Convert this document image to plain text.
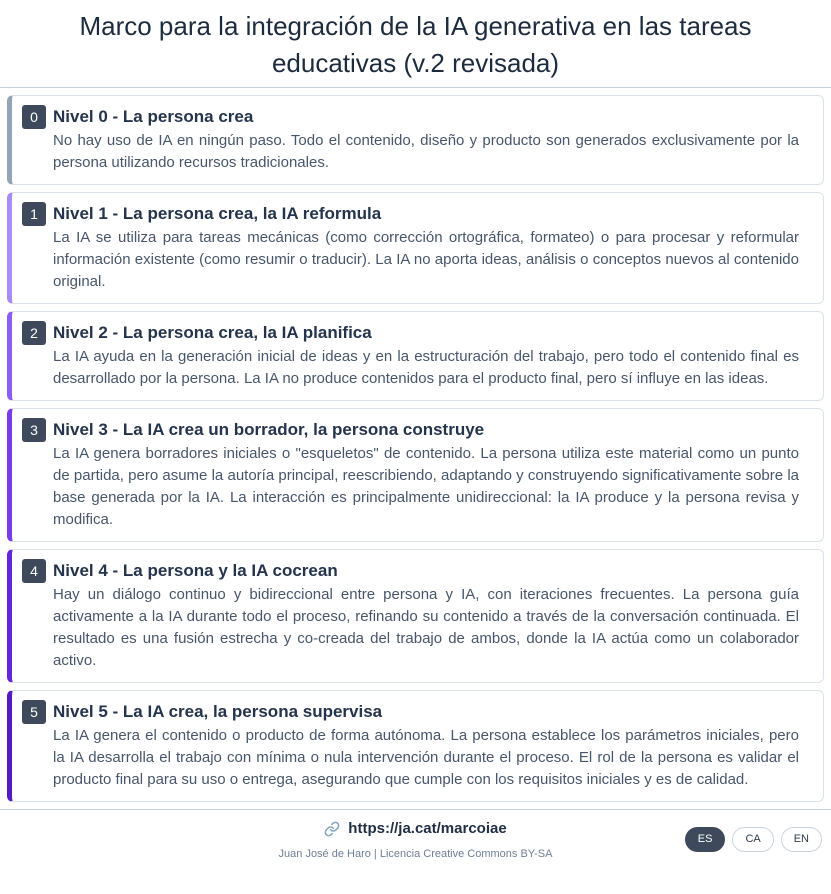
Marco para la integración de la IA generativa en las tareas educativas (v.2 revisada)
0 Nivel 0 - La persona crea

No hay uso de IA en ningún paso. Todo el contenido, diseño y producto son generados exclusivamente por la persona utilizando recursos tradicionales.

1 Nivel 1 - La persona crea, la IA reformula

La IA se utiliza para tareas mecánicas (como corrección ortográfica, formateo) o para procesar y reformular información existente (como resumir o traducir). La IA no aporta ideas, análisis o conceptos nuevos al contenido original.

2 Nivel 2 - La persona crea, la IA planifica

La IA ayuda en la generación inicial de ideas y en la estructuración del trabajo, pero todo el contenido final es desarrollado por la persona. La IA no produce contenidos para el producto final, pero sí influye en las ideas.

3 Nivel 3 - La IA crea un borrador, la persona construye

La IA genera borradores iniciales o "esqueletos" de contenido. La persona utiliza este material como un punto de partida, pero asume la autoría principal, reescribiendo, adaptando y construyendo significativamente sobre la base generada por la IA. La interacción es principalmente unidireccional: la IA produce y la persona revisa y modifica.

4 Nivel 4 - La persona y la IA cocrean

Hay un diálogo continuo y bidireccional entre persona y IA, con iteraciones frecuentes. La persona guía activamente a la IA durante todo el proceso, refinando su contenido a través de la conversación continuada. El resultado es una fusión estrecha y co-creada del trabajo de ambos, donde la IA actúa como un colaborador activo.

5 Nivel 5 - La IA crea, la persona supervisa

La IA genera el contenido o producto de forma autónoma. La persona establece los parámetros iniciales, pero la IA desarrolla el trabajo con mínima o nula intervención durante el proceso. El rol de la persona es validar el producto final para su uso o entrega, asegurando que cumple con los requisitos iniciales y es de calidad.

https://ja.cat/marcoiae
Juan José de Haro | Licencia Creative Commons BY-SA
ES	CA	EN
